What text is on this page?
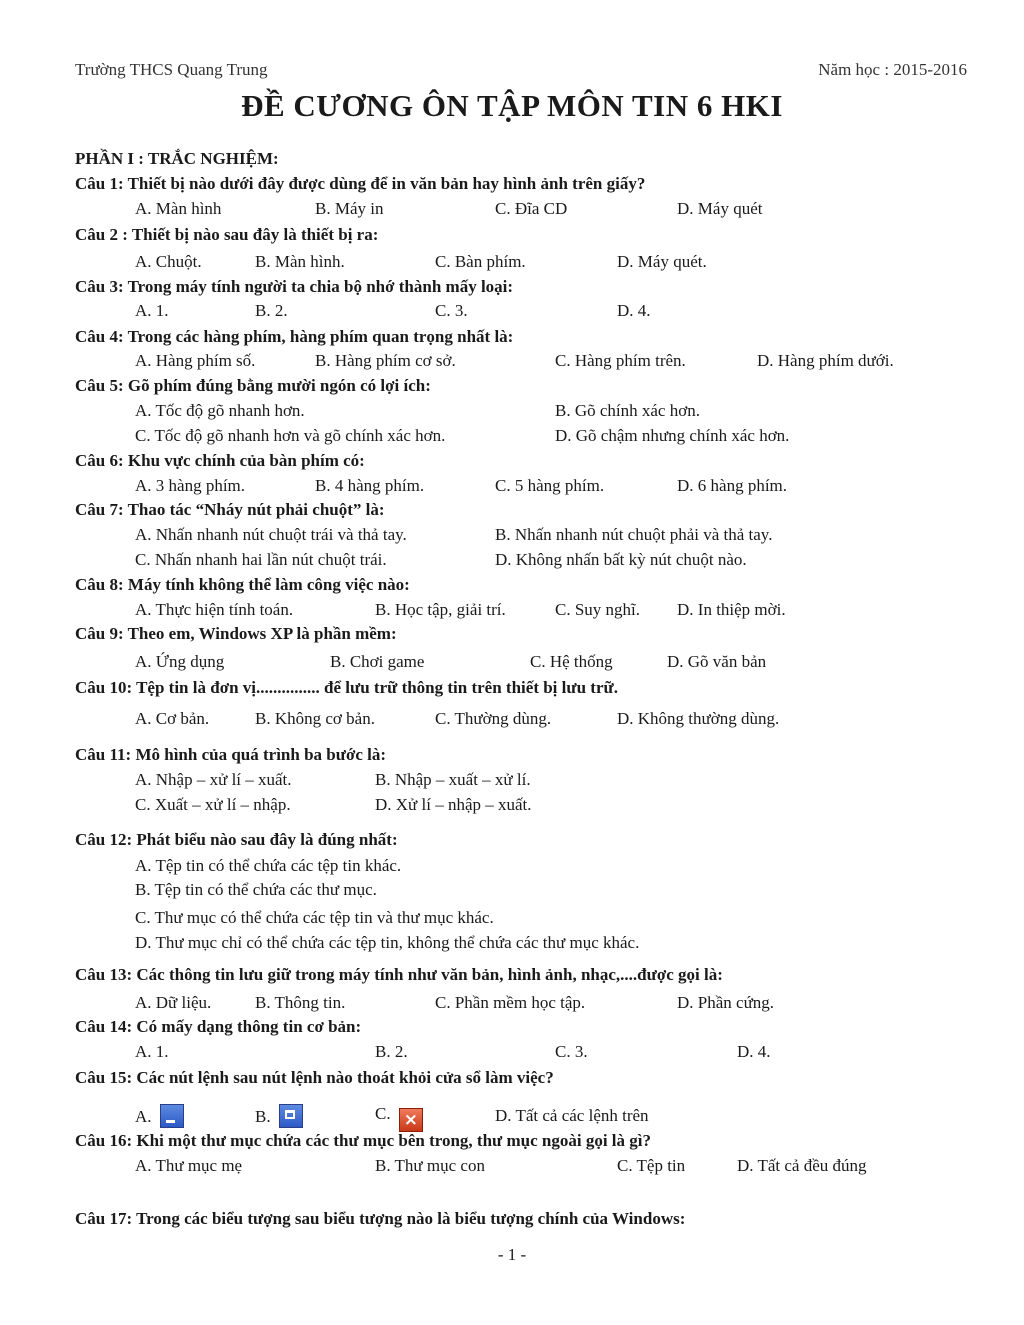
Trường THCS Quang Trung	Năm học : 2015-2016
ĐỀ CƯƠNG ÔN TẬP MÔN TIN 6 HKI
PHẦN I : TRẮC NGHIỆM:
Câu 1: Thiết bị nào dưới đây được dùng để in văn bản hay hình ảnh trên giấy?
A. Màn hình	B. Máy in	C. Đĩa CD	D. Máy quét
Câu 2 : Thiết bị nào sau đây là thiết bị ra:
A. Chuột.	B. Màn hình.	C. Bàn phím.	D. Máy quét.
Câu 3: Trong máy tính người ta chia bộ nhớ thành mấy loại:
A. 1.	B. 2.	C. 3.	D. 4.
Câu 4: Trong các hàng phím, hàng phím quan trọng nhất là:
A. Hàng phím số.	B. Hàng phím cơ sở.	C. Hàng phím trên.	D. Hàng phím dưới.
Câu 5: Gõ phím đúng bằng mười ngón có lợi ích:
A. Tốc độ gõ nhanh hơn.	B. Gõ chính xác hơn.
C. Tốc độ gõ nhanh hơn và gõ chính xác hơn.	D. Gõ chậm nhưng chính xác hơn.
Câu 6: Khu vực chính của bàn phím có:
A. 3 hàng phím.	B. 4 hàng phím.	C. 5 hàng phím.	D. 6 hàng phím.
Câu 7: Thao tác “Nháy nút phải chuột” là:
A. Nhấn nhanh nút chuột trái và thả tay.	B. Nhấn nhanh nút chuột phải và thả tay.
C. Nhấn nhanh hai lần nút chuột trái.	D. Không nhấn bất kỳ nút chuột nào.
Câu 8: Máy tính không thể làm công việc nào:
A. Thực hiện tính toán.	B. Học tập, giải trí.	C. Suy nghĩ. D. In thiệp mời.
Câu 9: Theo em, Windows XP là phần mềm:
A. Ứng dụng	B. Chơi game	C. Hệ thống	D. Gõ văn bản
Câu 10: Tệp tin là đơn vị............... để lưu trữ thông tin trên thiết bị lưu trữ.
A. Cơ bản.	B. Không cơ bản.	C. Thường dùng.	D. Không thường dùng.
Câu 11: Mô hình của quá trình ba bước là:
A. Nhập – xử lí – xuất.	B. Nhập – xuất – xử lí.
C. Xuất – xử lí – nhập.	D. Xử lí – nhập – xuất.
Câu 12: Phát biểu nào sau đây là đúng nhất:
A. Tệp tin có thể chứa các tệp tin khác.
B. Tệp tin có thể chứa các thư mục.
C. Thư mục có thể chứa các tệp tin và thư mục khác.
D. Thư mục chỉ có thể chứa các tệp tin, không thể chứa các thư mục khác.
Câu 13: Các thông tin lưu giữ trong máy tính như văn bản, hình ảnh, nhạc,....được gọi là:
A. Dữ liệu.	B. Thông tin.	C. Phần mềm học tập.	D. Phần cứng.
Câu 14: Có mấy dạng thông tin cơ bản:
A. 1.	B. 2.	C. 3.	D. 4.
Câu 15: Các nút lệnh sau nút lệnh nào thoát khỏi cửa sổ làm việc?
A.	B.	C. ×	D. Tất cả các lệnh trên
Câu 16: Khi một thư mục chứa các thư mục bên trong, thư mục ngoài gọi là gì?
A. Thư mục mẹ	B. Thư mục con	C. Tệp tin	D. Tất cả đều đúng
Câu 17: Trong các biểu tượng sau biểu tượng nào là biểu tượng chính của Windows:
- 1 -
